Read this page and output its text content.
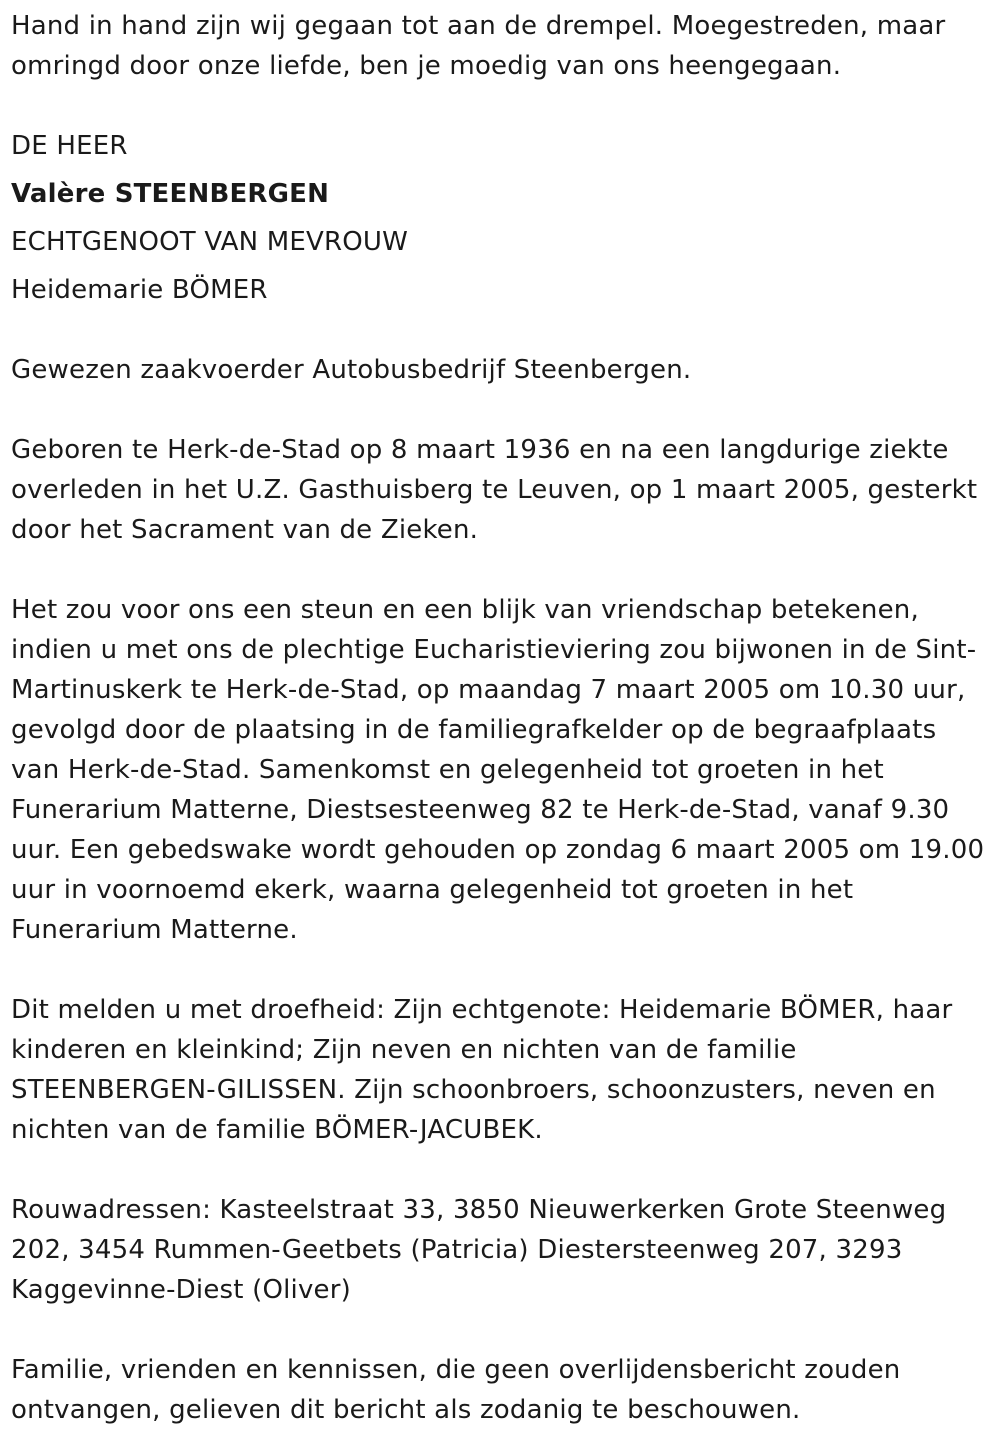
Hand in hand zijn wij gegaan tot aan de drempel. Moegestreden, maar omringd door onze liefde, ben je moedig van ons heengegaan.

DE HEER
Valère STEENBERGEN
ECHTGENOOT VAN MEVROUW
Heidemarie BÖMER

Gewezen zaakvoerder Autobusbedrijf Steenbergen.

Geboren te Herk-de-Stad op 8 maart 1936 en na een langdurige ziekte overleden in het U.Z. Gasthuisberg te Leuven, op 1 maart 2005, gesterkt door het Sacrament van de Zieken.

Het zou voor ons een steun en een blijk van vriendschap betekenen, indien u met ons de plechtige Eucharistieviering zou bijwonen in de Sint-Martinuskerk te Herk-de-Stad, op maandag 7 maart 2005 om 10.30 uur, gevolgd door de plaatsing in de familiegrafkelder op de begraafplaats van Herk-de-Stad. Samenkomst en gelegenheid tot groeten in het Funerarium Matterne, Diestsesteenweg 82 te Herk-de-Stad, vanaf 9.30 uur. Een gebedswake wordt gehouden op zondag 6 maart 2005 om 19.00 uur in voornoemd ekerk, waarna gelegenheid tot groeten in het Funerarium Matterne.

Dit melden u met droefheid: Zijn echtgenote: Heidemarie BÖMER, haar kinderen en kleinkind; Zijn neven en nichten van de familie STEENBERGEN-GILISSEN. Zijn schoonbroers, schoonzusters, neven en nichten van de familie BÖMER-JACUBEK.

Rouwadressen: Kasteelstraat 33, 3850 Nieuwerkerken Grote Steenweg 202, 3454 Rummen-Geetbets (Patricia) Diestersteenweg 207, 3293 Kaggevinne-Diest (Oliver)

Familie, vrienden en kennissen, die geen overlijdensbericht zouden ontvangen, gelieven dit bericht als zodanig te beschouwen.
